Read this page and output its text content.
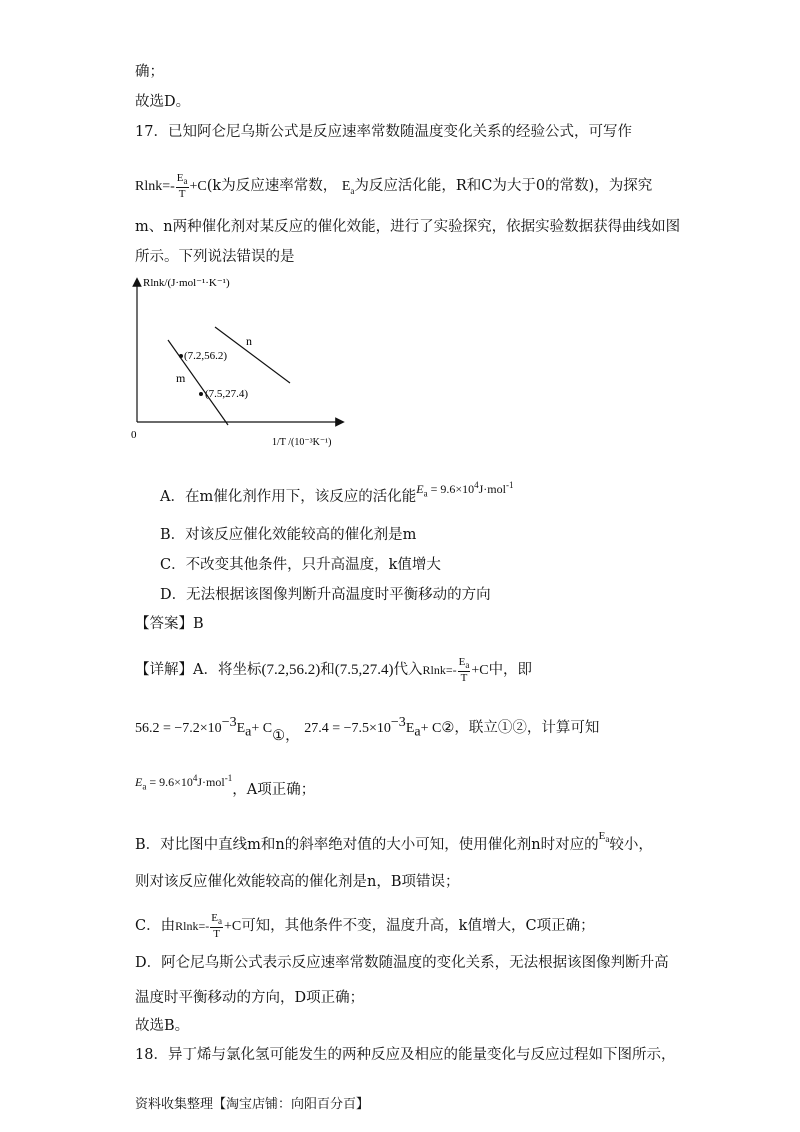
确；
故选D。
17．已知阿仑尼乌斯公式是反应速率常数随温度变化关系的经验公式，可写作
$Rlnk=- \frac{E_a}{T} +C(k$为反应速率常数， $E_a$为反应活化能，R和C为大于0的常数)，为探究
m、n两种催化剂对某反应的催化效能，进行了实验探究，依据实验数据获得曲线如图
所示。下列说法错误的是
Rlnk/(J·mol⁻¹·K⁻¹)
0
1/T /(10⁻³K⁻¹)
n
m
(7.2,56.2)
(7.5,27.4)
A．在m催化剂作用下，该反应的活化能$^{E_a = 9.6\times 10^4J\cdot mol^{-1}}$
B．对该反应催化效能较高的催化剂是m
C．不改变其他条件，只升高温度，k值增大
D．无法根据该图像判断升高温度时平衡移动的方向
【答案】B
【详解】A．将坐标(7.2,56.2)和(7.5,27.4)代入$Rlnk=- \frac{E_a}{T} +C$中，即
$56.2 = -7.2\times 10^{-3}E_a+$ C①， $27.4 = -7.5\times 10^{-3}E_a+$ C②，联立①②，计算可知
$^{E_a = 9.6\times 10^4J\cdot mol^{-1}}$，A项正确；
B．对比图中直线m和n的斜率绝对值的大小可知，使用催化剂n时对应的$^{E_a}$较小，
则对该反应催化效能较高的催化剂是n，B项错误；
C．由$Rlnk=- \frac{E_a}{T} +C$可知，其他条件不变，温度升高，k值增大，C项正确；
D．阿仑尼乌斯公式表示反应速率常数随温度的变化关系，无法根据该图像判断升高
温度时平衡移动的方向，D项正确；
故选B。
18．异丁烯与氯化氢可能发生的两种反应及相应的能量变化与反应过程如下图所示，
资料收集整理【淘宝店铺：向阳百分百】
